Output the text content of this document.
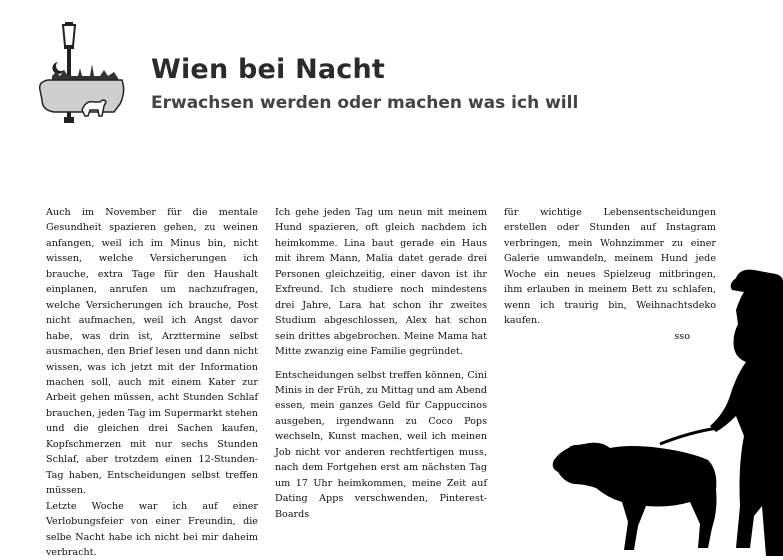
Wien bei Nacht
Erwachsen werden oder machen was ich will

Auch im November für die mentale Gesundheit spazieren gehen, zu weinen anfangen, weil ich im Minus bin, nicht wissen, welche Versicherungen ich brauche, extra Tage für den Haushalt einplanen, anrufen um nachzufragen, welche Versicherungen ich brauche, Post nicht aufmachen, weil ich Angst davor habe, was drin ist, Arzttermine selbst ausmachen, den Brief lesen und dann nicht wissen, was ich jetzt mit der Information machen soll, auch mit einem Kater zur Arbeit gehen müssen, acht Stunden Schlaf brauchen, jeden Tag im Supermarkt stehen und die gleichen drei Sachen kaufen, Kopfschmerzen mit nur sechs Stunden Schlaf, aber trotzdem einen 12-Stunden-Tag haben, Entscheidungen selbst treffen müssen.

Letzte Woche war ich auf einer Verlobungsfeier von einer Freundin, die selbe Nacht habe ich nicht bei mir daheim verbracht.

Ich gehe jeden Tag um neun mit meinem Hund spazieren, oft gleich nachdem ich heimkomme. Lina baut gerade ein Haus mit ihrem Mann, Malia datet gerade drei Personen gleichzeitig, einer davon ist ihr Exfreund. Ich studiere noch mindestens drei Jahre, Lara hat schon ihr zweites Studium abgeschlossen, Alex hat schon sein drittes abgebrochen. Meine Mama hat Mitte zwanzig eine Familie gegründet.

Entscheidungen selbst treffen können, Cini Minis in der Früh, zu Mittag und am Abend essen, mein ganzes Geld für Cappuccinos ausgeben, irgendwann zu Coco Pops wechseln, Kunst machen, weil ich meinen Job nicht vor anderen rechtfertigen muss, nach dem Fortgehen erst am nächsten Tag um 17 Uhr heimkommen, meine Zeit auf Dating Apps verschwenden, Pinterest-Boards

für wichtige Lebensentscheidungen erstellen oder Stunden auf Instagram verbringen, mein Wohnzimmer zu einer Galerie umwandeln, meinem Hund jede Woche ein neues Spielzeug mitbringen, ihm erlauben in meinem Bett zu schlafen, wenn ich traurig bin, Weihnachtsdeko kaufen.

sso
